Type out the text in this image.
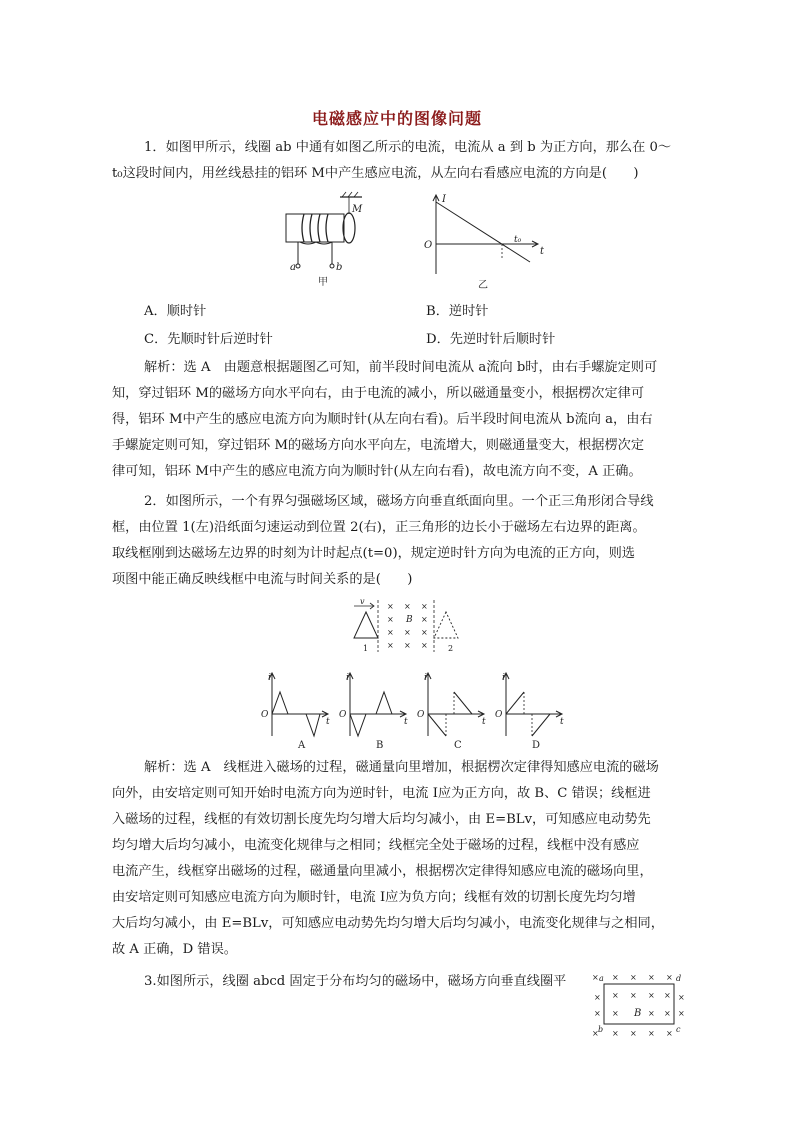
电磁感应中的图像问题
1．如图甲所示，线圈 ab 中通有如图乙所示的电流，电流从 a 到 b 为正方向，那么在 0～
t₀这段时间内，用丝线悬挂的铝环 M中产生感应电流，从左向右看感应电流的方向是(　　)
M
a	b
甲
I
O	t₀
t
乙
A．顺时针	B．逆时针
C．先顺时针后逆时针	D．先逆时针后顺时针
解析：选 A　由题意根据题图乙可知，前半段时间电流从 a流向 b时，由右手螺旋定则可
知，穿过铝环 M的磁场方向水平向右，由于电流的减小，所以磁通量变小，根据楞次定律可
得，铝环 M中产生的感应电流方向为顺时针(从左向右看)。后半段时间电流从 b流向 a，由右
手螺旋定则可知，穿过铝环 M的磁场方向水平向左，电流增大，则磁通量变大，根据楞次定
律可知，铝环 M中产生的感应电流方向为顺时针(从左向右看)，故电流方向不变，A 正确。
2．如图所示，一个有界匀强磁场区域，磁场方向垂直纸面向里。一个正三角形闭合导线
框，由位置 1(左)沿纸面匀速运动到位置 2(右)，正三角形的边长小于磁场左右边界的距离。
取线框刚到达磁场左边界的时刻为计时起点(t=0)，规定逆时针方向为电流的正方向，则选
项图中能正确反映线框中电流与时间关系的是(　　)
v
1	2
B
× × ×
×	×
× × ×
× × ×
i
O
t
A
i
O
t
B
i
O
t
C
i
O
t
D
解析：选 A　线框进入磁场的过程，磁通量向里增加，根据楞次定律得知感应电流的磁场
向外，由安培定则可知开始时电流方向为逆时针，电流 I应为正方向，故 B、C 错误；线框进
入磁场的过程，线框的有效切割长度先均匀增大后均匀减小，由 E=BLv，可知感应电动势先
均匀增大后均匀减小，电流变化规律与之相同；线框完全处于磁场的过程，线框中没有感应
电流产生，线框穿出磁场的过程，磁通量向里减小，根据楞次定律得知感应电流的磁场向里，
由安培定则可知感应电流方向为顺时针，电流 I应为负方向；线框有效的切割长度先均匀增
大后均匀减小，由 E=BLv，可知感应电动势先均匀增大后均匀减小，电流变化规律与之相同，
故 A 正确，D 错误。
3.如图所示，线圈 abcd 固定于分布均匀的磁场中，磁场方向垂直线圈平	× × × × ×
× × × × × ×
× ×	× × ×
× × × × ×
a	d
b	c
B
